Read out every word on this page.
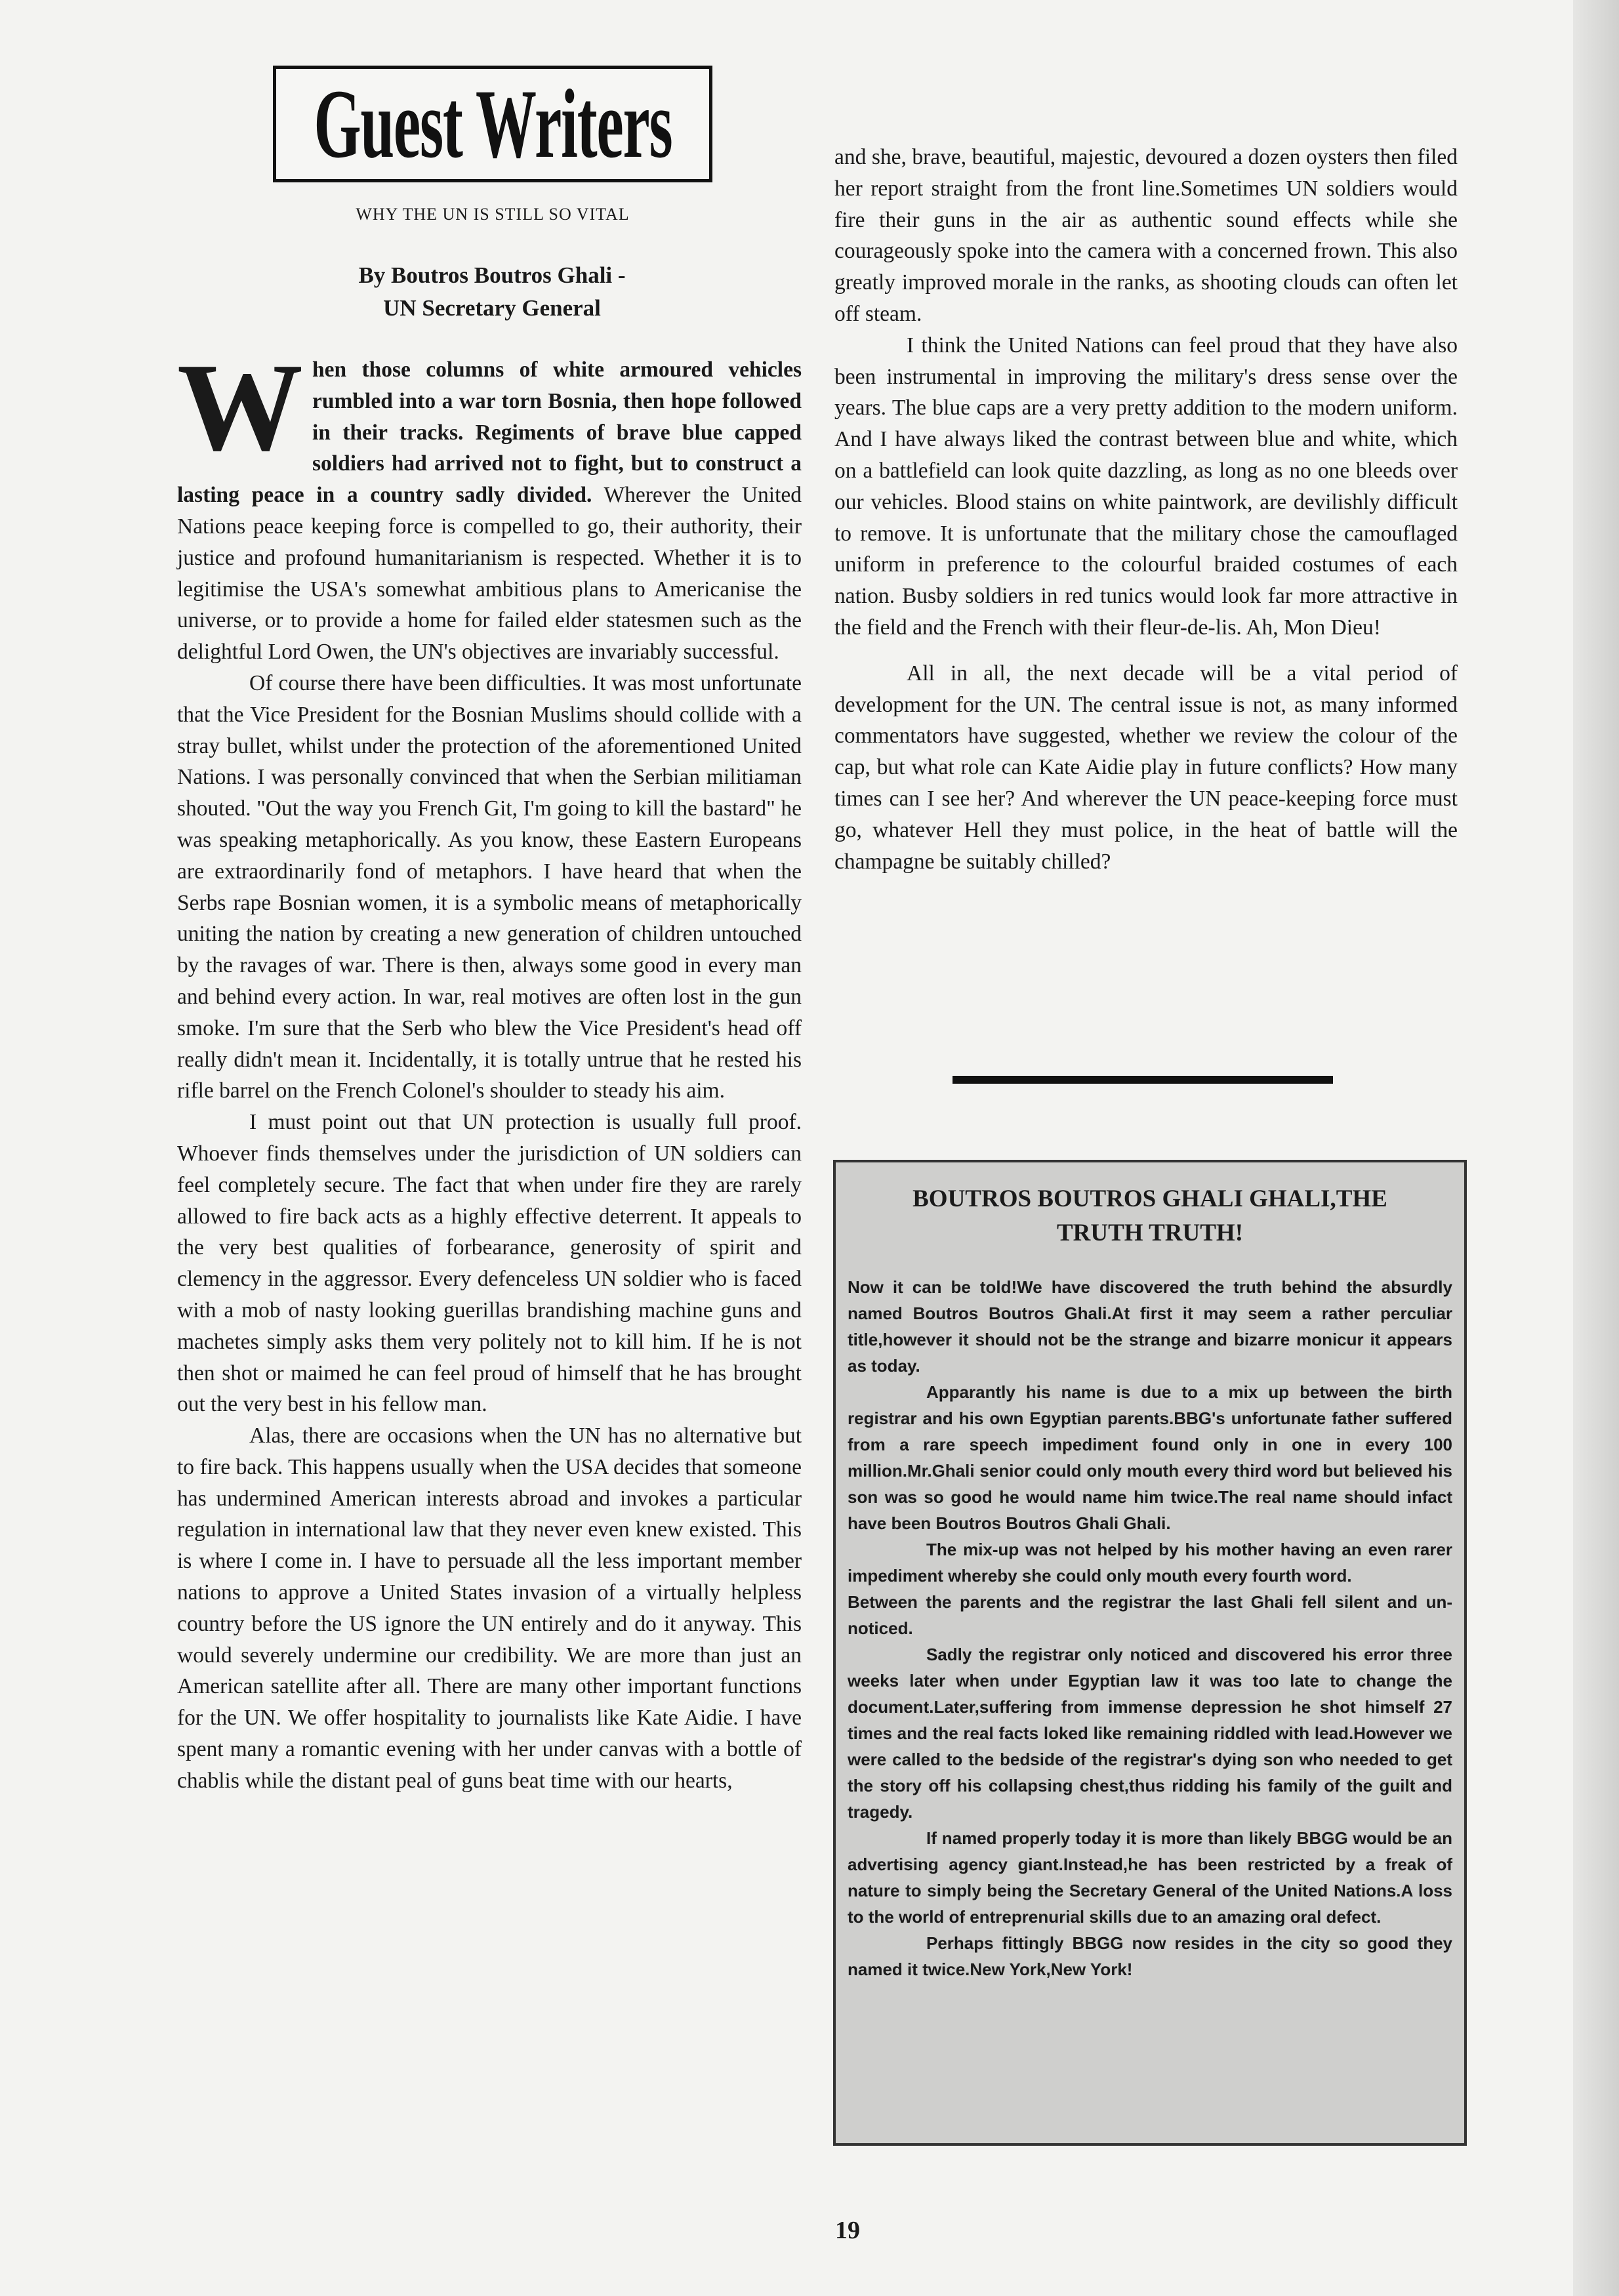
Guest Writers
WHY THE UN IS STILL SO VITAL
By Boutros Boutros Ghali -
UN Secretary General

When those columns of white armoured vehicles rumbled into a war torn Bosnia, then hope followed in their tracks. Regiments of brave blue capped soldiers had arrived not to fight, but to construct a lasting peace in a country sadly divided. Wherever the United Nations peace keeping force is compelled to go, their authority, their justice and profound humanitarianism is respected. Whether it is to legitimise the USA's somewhat ambitious plans to Americanise the universe, or to provide a home for failed elder statesmen such as the delightful Lord Owen, the UN's objectives are invariably successful.

Of course there have been difficulties. It was most unfortunate that the Vice President for the Bosnian Muslims should collide with a stray bullet, whilst under the protection of the aforementioned United Nations. I was personally convinced that when the Serbian militiaman shouted. "Out the way you French Git, I'm going to kill the bastard" he was speaking metaphorically. As you know, these Eastern Europeans are extraordinarily fond of metaphors. I have heard that when the Serbs rape Bosnian women, it is a symbolic means of metaphorically uniting the nation by creating a new generation of children untouched by the ravages of war. There is then, always some good in every man and behind every action. In war, real motives are often lost in the gun smoke. I'm sure that the Serb who blew the Vice President's head off really didn't mean it. Incidentally, it is totally untrue that he rested his rifle barrel on the French Colonel's shoulder to steady his aim.

I must point out that UN protection is usually full proof. Whoever finds themselves under the jurisdiction of UN soldiers can feel completely secure. The fact that when under fire they are rarely allowed to fire back acts as a highly effective deterrent. It appeals to the very best qualities of forbearance, generosity of spirit and clemency in the aggressor. Every defenceless UN soldier who is faced with a mob of nasty looking guerillas brandishing machine guns and machetes simply asks them very politely not to kill him. If he is not then shot or maimed he can feel proud of himself that he has brought out the very best in his fellow man.

Alas, there are occasions when the UN has no alternative but to fire back. This happens usually when the USA decides that someone has undermined American interests abroad and invokes a particular regulation in international law that they never even knew existed. This is where I come in. I have to persuade all the less important member nations to approve a United States invasion of a virtually helpless country before the US ignore the UN entirely and do it anyway. This would severely undermine our credibility. We are more than just an American satellite after all. There are many other important functions for the UN. We offer hospitality to journalists like Kate Aidie. I have spent many a romantic evening with her under canvas with a bottle of chablis while the distant peal of guns beat time with our hearts,

and she, brave, beautiful, majestic, devoured a dozen oysters then filed her report straight from the front line.Sometimes UN soldiers would fire their guns in the air as authentic sound effects while she courageously spoke into the camera with a concerned frown. This also greatly improved morale in the ranks, as shooting clouds can often let off steam.

I think the United Nations can feel proud that they have also been instrumental in improving the military's dress sense over the years. The blue caps are a very pretty addition to the modern uniform. And I have always liked the contrast between blue and white, which on a battlefield can look quite dazzling, as long as no one bleeds over our vehicles. Blood stains on white paintwork, are devilishly difficult to remove. It is unfortunate that the military chose the camouflaged uniform in preference to the colourful braided costumes of each nation. Busby soldiers in red tunics would look far more attractive in the field and the French with their fleur-de-lis. Ah, Mon Dieu!

All in all, the next decade will be a vital period of development for the UN. The central issue is not, as many informed commentators have suggested, whether we review the colour of the cap, but what role can Kate Aidie play in future conflicts? How many times can I see her? And wherever the UN peace-keeping force must go, whatever Hell they must police, in the heat of battle will the champagne be suitably chilled?

BOUTROS BOUTROS GHALI GHALI,THE
TRUTH TRUTH!

Now it can be told!We have discovered the truth behind the absurdly named Boutros Boutros Ghali.At first it may seem a rather perculiar title,however it should not be the strange and bizarre monicur it appears as today.

Apparantly his name is due to a mix up between the birth registrar and his own Egyptian parents.BBG's unfortunate father suffered from a rare speech impediment found only in one in every 100 million.Mr.Ghali senior could only mouth every third word but believed his son was so good he would name him twice.The real name should infact have been Boutros Boutros Ghali Ghali.

The mix-up was not helped by his mother having an even rarer impediment whereby she could only mouth every fourth word.

Between the parents and the registrar the last Ghali fell silent and un-noticed.

Sadly the registrar only noticed and discovered his error three weeks later when under Egyptian law it was too late to change the document.Later,suffering from immense depression he shot himself 27 times and the real facts loked like remaining riddled with lead.However we were called to the bedside of the registrar's dying son who needed to get the story off his collapsing chest,thus ridding his family of the guilt and tragedy.

If named properly today it is more than likely BBGG would be an advertising agency giant.Instead,he has been restricted by a freak of nature to simply being the Secretary General of the United Nations.A loss to the world of entreprenurial skills due to an amazing oral defect.

Perhaps fittingly BBGG now resides in the city so good they named it twice.New York,New York!

19
